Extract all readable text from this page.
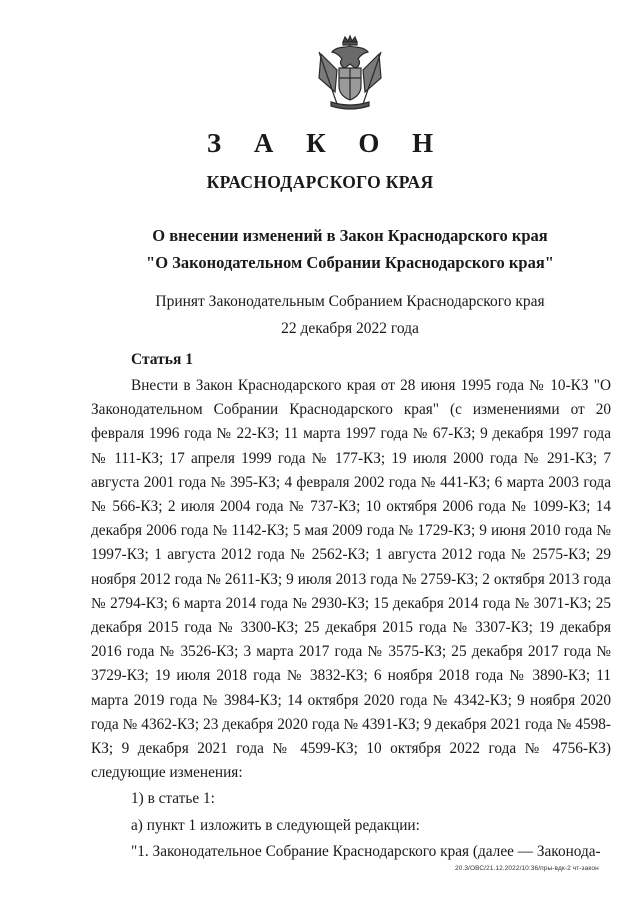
З А К О Н
КРАСНОДАРСКОГО КРАЯ
О внесении изменений в Закон Краснодарского края
"О Законодательном Собрании Краснодарского края"
Принят Законодательным Собранием Краснодарского края
22 декабря 2022 года
Статья 1

Внести в Закон Краснодарского края от 28 июня 1995 года № 10-КЗ "О Законодательном Собрании Краснодарского края" (с изменениями от 20 февраля 1996 года № 22-КЗ; 11 марта 1997 года № 67-КЗ; 9 декабря 1997 года № 111-КЗ; 17 апреля 1999 года № 177-КЗ; 19 июля 2000 года № 291-КЗ; 7 августа 2001 года № 395-КЗ; 4 февраля 2002 года № 441-КЗ; 6 марта 2003 года № 566-КЗ; 2 июля 2004 года № 737-КЗ; 10 октября 2006 года № 1099-КЗ; 14 декабря 2006 года № 1142-КЗ; 5 мая 2009 года № 1729-КЗ; 9 июня 2010 года № 1997-КЗ; 1 августа 2012 года № 2562-КЗ; 1 августа 2012 года № 2575-КЗ; 29 ноября 2012 года № 2611-КЗ; 9 июля 2013 года № 2759-КЗ; 2 октября 2013 года № 2794-КЗ; 6 марта 2014 года № 2930-КЗ; 15 декабря 2014 года № 3071-КЗ; 25 декабря 2015 года № 3300-КЗ; 25 декабря 2015 года № 3307-КЗ; 19 декабря 2016 года № 3526-КЗ; 3 марта 2017 года № 3575-КЗ; 25 декабря 2017 года № 3729-КЗ; 19 июля 2018 года № 3832-КЗ; 6 ноября 2018 года № 3890-КЗ; 11 марта 2019 года № 3984-КЗ; 14 октября 2020 года № 4342-КЗ; 9 ноября 2020 года № 4362-КЗ; 23 декабря 2020 года № 4391-КЗ; 9 декабря 2021 года № 4598-КЗ; 9 декабря 2021 года № 4599-КЗ; 10 октября 2022 года № 4756-КЗ) следующие изменения:

1) в статье 1:

а) пункт 1 изложить в следующей редакции:

"1. Законодательное Собрание Краснодарского края (далее — Законода-

20.3/ОВС/21.12.2022/10:36/пры-вдк-2 чт-закон
